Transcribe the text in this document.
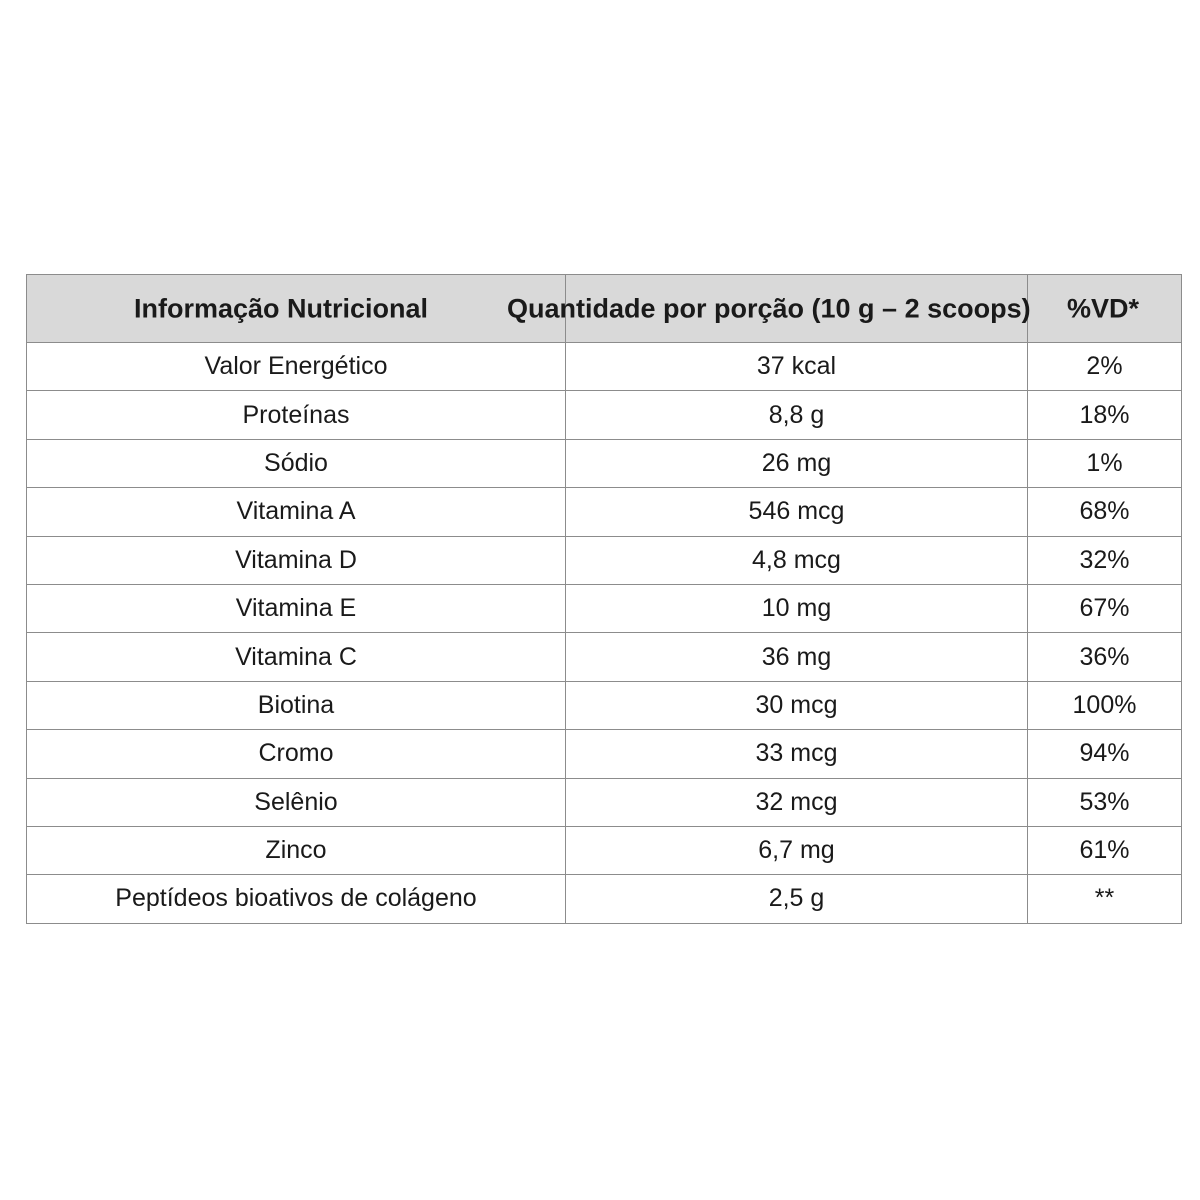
Informação Nutricional	Quantidade por porção (10 g – 2 scoops)	%VD*

Valor Energético	37 kcal	2%
Proteínas	8,8 g	18%
Sódio	26 mg	1%
Vitamina A	546 mcg	68%
Vitamina D	4,8 mcg	32%
Vitamina E	10 mg	67%
Vitamina C	36 mg	36%
Biotina	30 mcg	100%
Cromo	33 mcg	94%
Selênio	32 mcg	53%
Zinco	6,7 mg	61%
Peptídeos bioativos de colágeno	2,5 g	**
